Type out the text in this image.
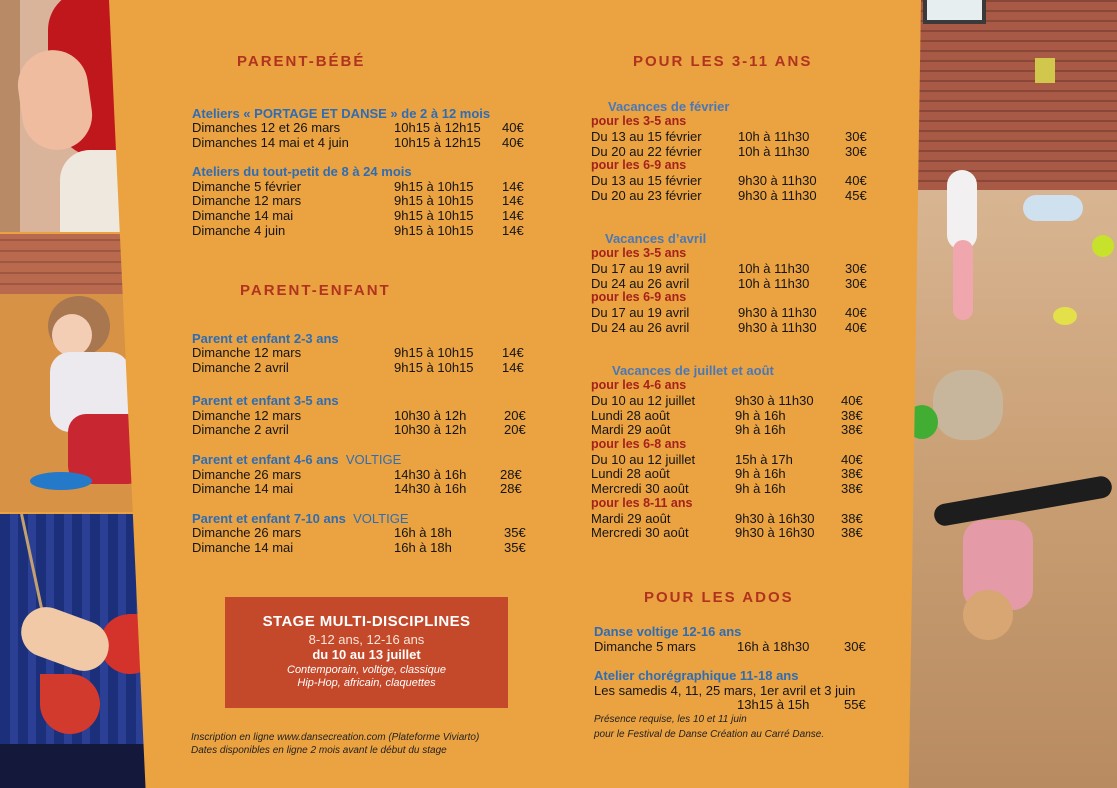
PARENT-BÉBÉ
Ateliers « PORTAGE ET DANSE » de 2 à 12 mois
Dimanches 12 et 26 mars	10h15 à 12h15 40€
Dimanches 14 mai et 4 juin	10h15 à 12h15 40€
Ateliers du tout-petit de 8 à 24 mois
Dimanche 5 février	9h15 à 10h15 14€
Dimanche 12 mars	9h15 à 10h15 14€
Dimanche 14 mai	9h15 à 10h15 14€
Dimanche 4 juin	9h15 à 10h15 14€
PARENT-ENFANT
Parent et enfant 2-3 ans
Dimanche 12 mars	9h15 à 10h15 14€
Dimanche 2 avril	9h15 à 10h15 14€
Parent et enfant 3-5 ans
Dimanche 12 mars	10h30 à 12h	20€
Dimanche 2 avril	10h30 à 12h	20€
Parent et enfant 4-6 ans VOLTIGE
Dimanche 26 mars	14h30 à 16h	28€
Dimanche 14 mai	14h30 à 16h	28€
Parent et enfant 7-10 ans VOLTIGE
Dimanche 26 mars	16h à 18h	35€
Dimanche 14 mai	16h à 18h	35€
STAGE MULTI-DISCIPLINES
8-12 ans, 12-16 ans
du 10 au 13 juillet
Contemporain, voltige, classique
Hip-Hop, africain, claquettes
Inscription en ligne www.dansecreation.com (Plateforme Viviarto)
Dates disponibles en ligne 2 mois avant le début du stage
POUR LES 3-11 ANS
Vacances de février
pour les 3-5 ans
Du 13 au 15 février	10h à 11h30	30€
Du 20 au 22 février	10h à 11h30	30€
pour les 6-9 ans
Du 13 au 15 février	9h30 à 11h30 40€
Du 20 au 23 février	9h30 à 11h30 45€
Vacances d’avril
pour les 3-5 ans
Du 17 au 19 avril	10h à 11h30	30€
Du 24 au 26 avril	10h à 11h30	30€
pour les 6-9 ans
Du 17 au 19 avril	9h30 à 11h30 40€
Du 24 au 26 avril	9h30 à 11h30 40€
Vacances de juillet et août
pour les 4-6 ans
Du 10 au 12 juillet	9h30 à 11h30 40€
Lundi 28 août	9h à 16h	38€
Mardi 29 août	9h à 16h	38€
pour les 6-8 ans
Du 10 au 12 juillet	15h à 17h	40€
Lundi 28 août	9h à 16h	38€
Mercredi 30 août	9h à 16h	38€
pour les 8-11 ans
Mardi 29 août	9h30 à 16h30 38€
Mercredi 30 août	9h30 à 16h30 38€
POUR LES ADOS
Danse voltige 12-16 ans
Dimanche 5 mars	16h à 18h30	30€
Atelier chorégraphique 11-18 ans
Les samedis 4, 11, 25 mars, 1er avril et 3 juin
13h15 à 15h	55€
Présence requise, les 10 et 11 juin
pour le Festival de Danse Création au Carré Danse.
